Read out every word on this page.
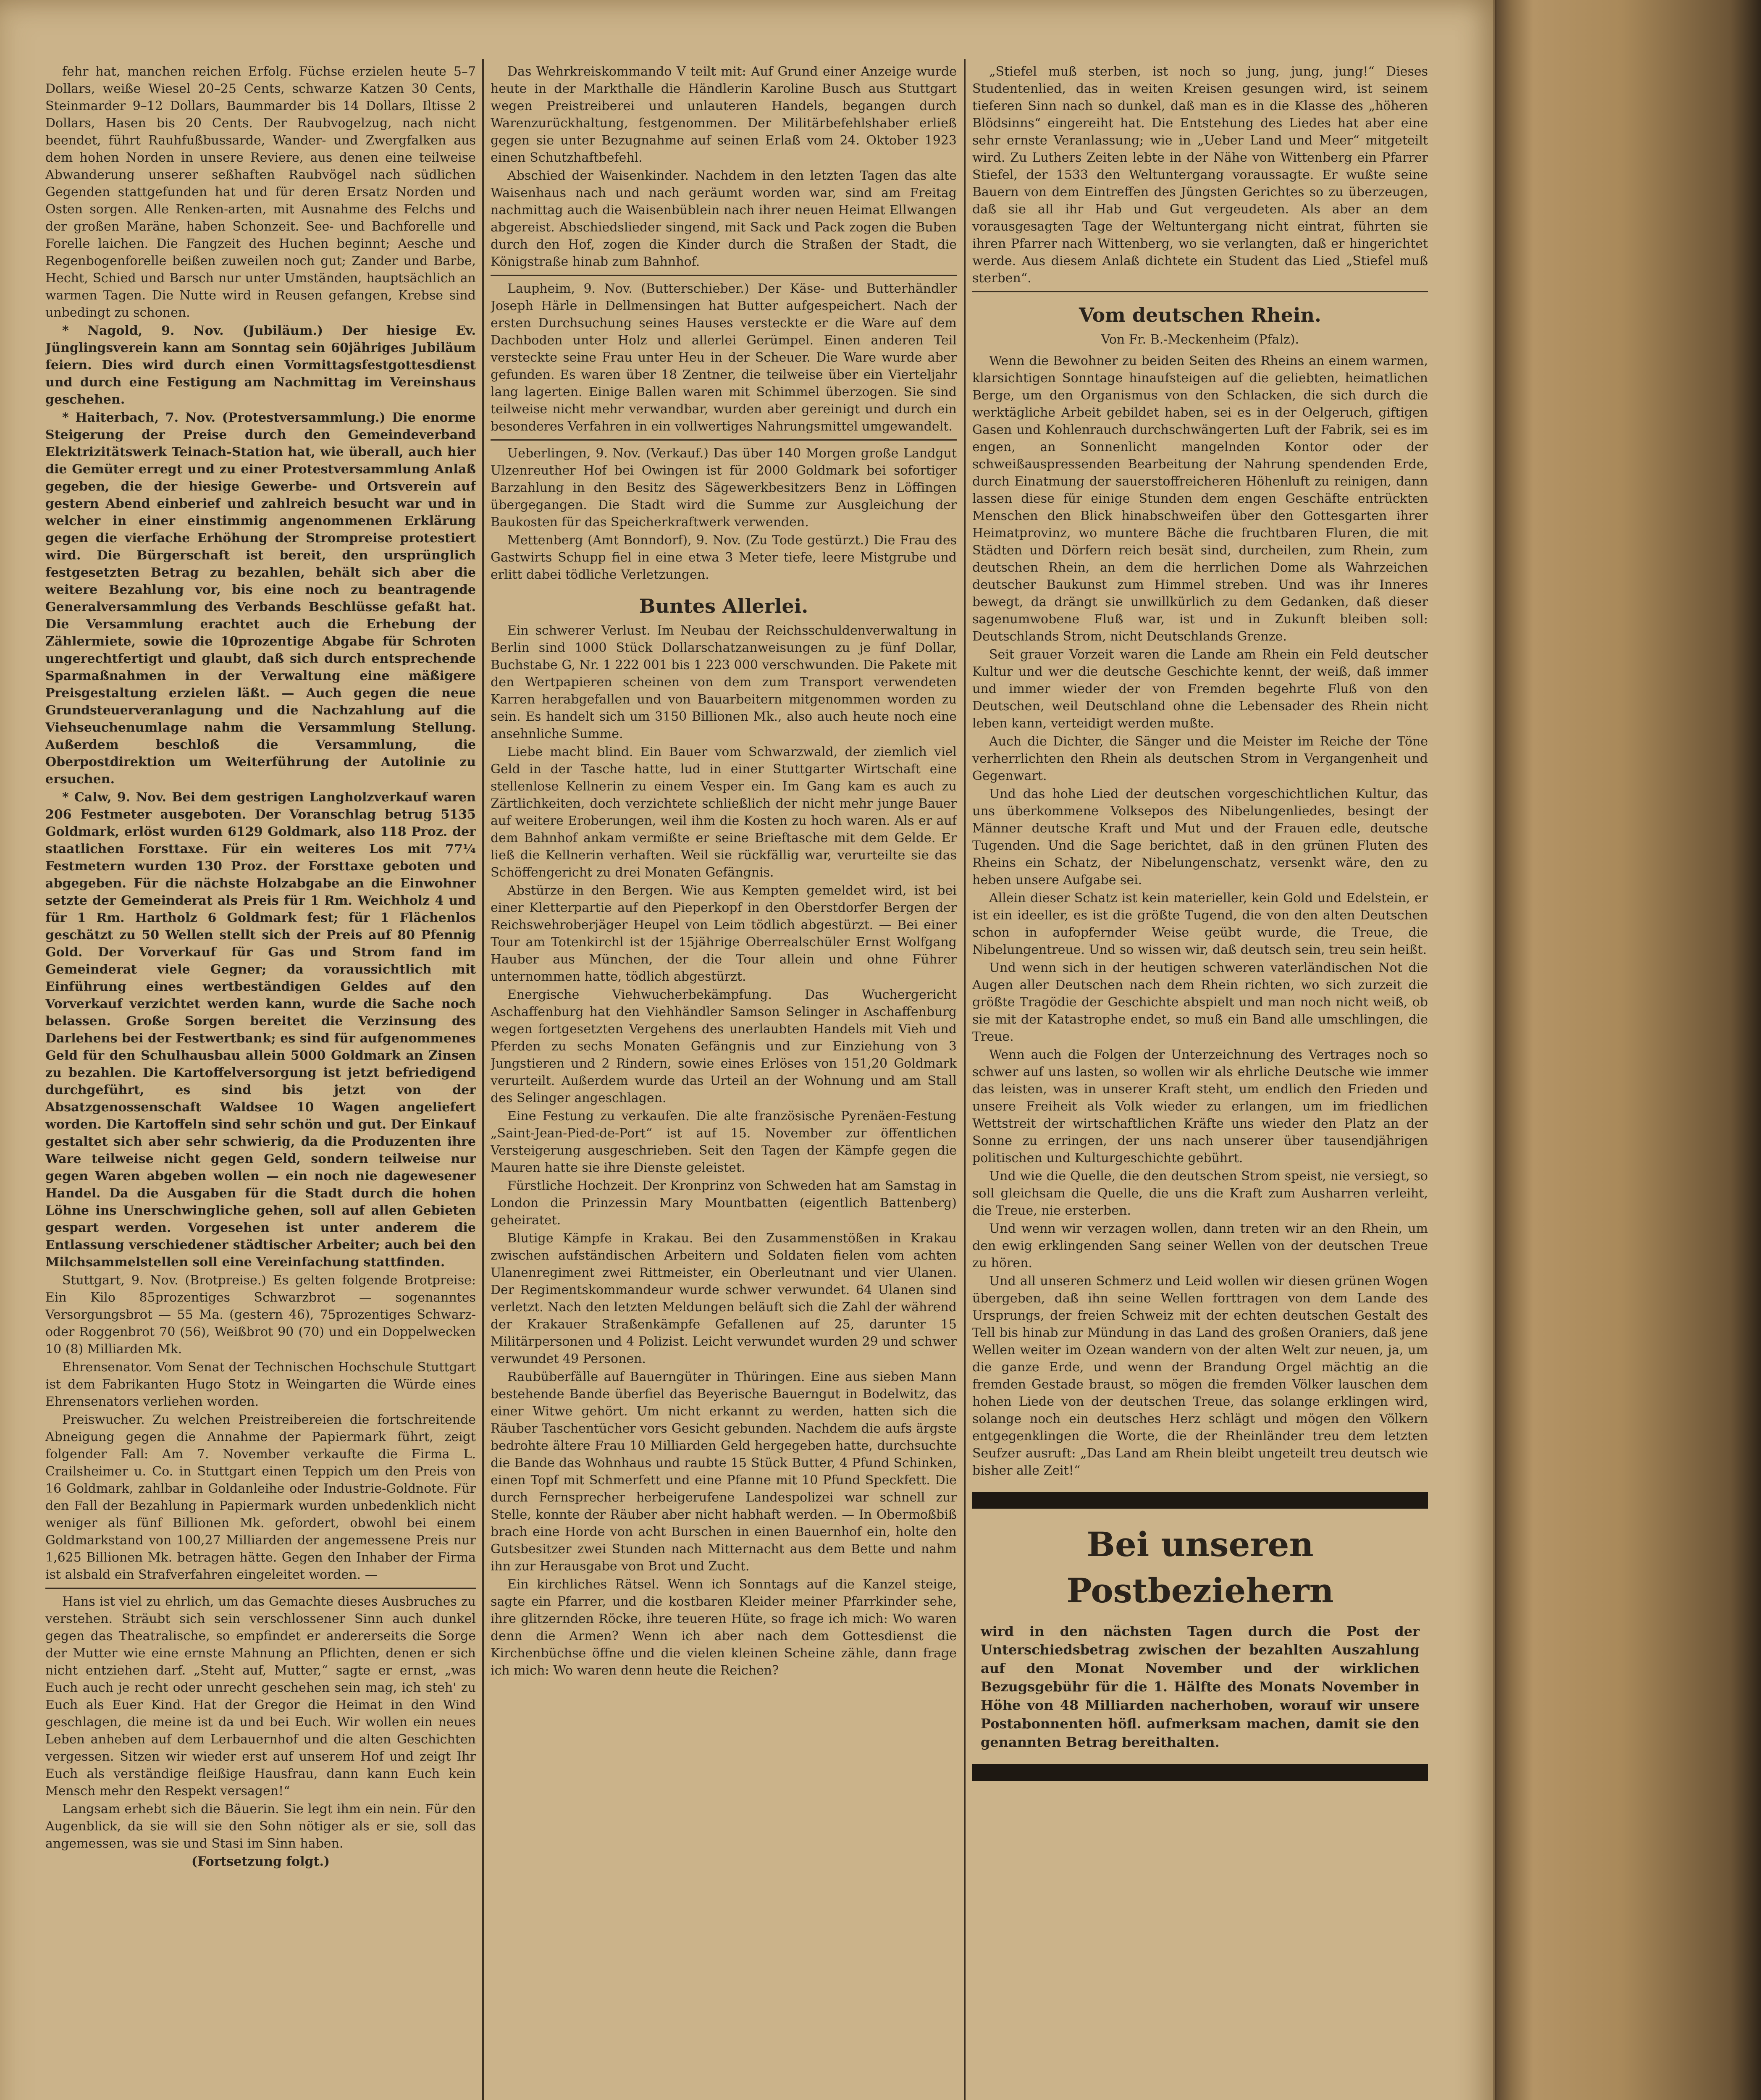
fehr hat, manchen reichen Erfolg. Füchse erzielen heute 5–7 Dollars, weiße Wiesel 20–25 Cents, schwarze Katzen 30 Cents, Steinmarder 9–12 Dollars, Baummarder bis 14 Dollars, Iltisse 2 Dollars, Hasen bis 20 Cents. Der Raubvogelzug, nach nicht beendet, führt Rauhfußbussarde, Wander- und Zwergfalken aus dem hohen Norden in unsere Reviere, aus denen eine teilweise Abwanderung unserer seßhaften Raubvögel nach südlichen Gegenden stattgefunden hat und für deren Ersatz Norden und Osten sorgen. Alle Renken-arten, mit Ausnahme des Felchs und der großen Maräne, haben Schonzeit. See- und Bachforelle und Forelle laichen. Die Fangzeit des Huchen beginnt; Aesche und Regenbogenforelle beißen zuweilen noch gut; Zander und Barbe, Hecht, Schied und Barsch nur unter Umständen, hauptsächlich an warmen Tagen. Die Nutte wird in Reusen gefangen, Krebse sind unbedingt zu schonen.

* Nagold, 9. Nov. (Jubiläum.) Der hiesige Ev. Jünglingsverein kann am Sonntag sein 60jähriges Jubiläum feiern. Dies wird durch einen Vormittagsfestgottesdienst und durch eine Festigung am Nachmittag im Vereinshaus geschehen.

* Haiterbach, 7. Nov. (Protestversammlung.) Die enorme Steigerung der Preise durch den Gemeindeverband Elektrizitätswerk Teinach-Station hat, wie überall, auch hier die Gemüter erregt und zu einer Protestversammlung Anlaß gegeben, die der hiesige Gewerbe- und Ortsverein auf gestern Abend einberief und zahlreich besucht war und in welcher in einer einstimmig angenommenen Erklärung gegen die vierfache Erhöhung der Strompreise protestiert wird. Die Bürgerschaft ist bereit, den ursprünglich festgesetzten Betrag zu bezahlen, behält sich aber die weitere Bezahlung vor, bis eine noch zu beantragende Generalversammlung des Verbands Beschlüsse gefaßt hat. Die Versammlung erachtet auch die Erhebung der Zählermiete, sowie die 10prozentige Abgabe für Schroten ungerechtfertigt und glaubt, daß sich durch entsprechende Sparmaßnahmen in der Verwaltung eine mäßigere Preisgestaltung erzielen läßt. — Auch gegen die neue Grundsteuerveranlagung und die Nachzahlung auf die Viehseuchenumlage nahm die Versammlung Stellung. Außerdem beschloß die Versammlung, die Oberpostdirektion um Weiterführung der Autolinie zu ersuchen.

* Calw, 9. Nov. Bei dem gestrigen Langholzverkauf waren 206 Festmeter ausgeboten. Der Voranschlag betrug 5135 Goldmark, erlöst wurden 6129 Goldmark, also 118 Proz. der staatlichen Forsttaxe. Für ein weiteres Los mit 77¼ Festmetern wurden 130 Proz. der Forsttaxe geboten und abgegeben. Für die nächste Holzabgabe an die Einwohner setzte der Gemeinderat als Preis für 1 Rm. Weichholz 4 und für 1 Rm. Hartholz 6 Goldmark fest; für 1 Flächenlos geschätzt zu 50 Wellen stellt sich der Preis auf 80 Pfennig Gold. Der Vorverkauf für Gas und Strom fand im Gemeinderat viele Gegner; da voraussichtlich mit Einführung eines wertbeständigen Geldes auf den Vorverkauf verzichtet werden kann, wurde die Sache noch belassen. Große Sorgen bereitet die Verzinsung des Darlehens bei der Festwertbank; es sind für aufgenommenes Geld für den Schulhausbau allein 5000 Goldmark an Zinsen zu bezahlen. Die Kartoffelversorgung ist jetzt befriedigend durchgeführt, es sind bis jetzt von der Absatzgenossenschaft Waldsee 10 Wagen angeliefert worden. Die Kartoffeln sind sehr schön und gut. Der Einkauf gestaltet sich aber sehr schwierig, da die Produzenten ihre Ware teilweise nicht gegen Geld, sondern teilweise nur gegen Waren abgeben wollen — ein noch nie dagewesener Handel. Da die Ausgaben für die Stadt durch die hohen Löhne ins Unerschwingliche gehen, soll auf allen Gebieten gespart werden. Vorgesehen ist unter anderem die Entlassung verschiedener städtischer Arbeiter; auch bei den Milchsammelstellen soll eine Vereinfachung stattfinden.

Stuttgart, 9. Nov. (Brotpreise.) Es gelten folgende Brotpreise: Ein Kilo 85prozentiges Schwarzbrot — sogenanntes Versorgungsbrot — 55 Ma. (gestern 46), 75prozentiges Schwarz- oder Roggenbrot 70 (56), Weißbrot 90 (70) und ein Doppelwecken 10 (8) Milliarden Mk.

Ehrensenator. Vom Senat der Technischen Hochschule Stuttgart ist dem Fabrikanten Hugo Stotz in Weingarten die Würde eines Ehrensenators verliehen worden.

Preiswucher. Zu welchen Preistreibereien die fortschreitende Abneigung gegen die Annahme der Papiermark führt, zeigt folgender Fall: Am 7. November verkaufte die Firma L. Crailsheimer u. Co. in Stuttgart einen Teppich um den Preis von 16 Goldmark, zahlbar in Goldanleihe oder Industrie-Goldnote. Für den Fall der Bezahlung in Papiermark wurden unbedenklich nicht weniger als fünf Billionen Mk. gefordert, obwohl bei einem Goldmarkstand von 100,27 Milliarden der angemessene Preis nur 1,625 Billionen Mk. betragen hätte. Gegen den Inhaber der Firma ist alsbald ein Strafverfahren eingeleitet worden. —

Hans ist viel zu ehrlich, um das Gemachte dieses Ausbruches zu verstehen. Sträubt sich sein verschlossener Sinn auch dunkel gegen das Theatralische, so empfindet er andererseits die Sorge der Mutter wie eine ernste Mahnung an Pflichten, denen er sich nicht entziehen darf. „Steht auf, Mutter,“ sagte er ernst, „was Euch auch je recht oder unrecht geschehen sein mag, ich steh' zu Euch als Euer Kind. Hat der Gregor die Heimat in den Wind geschlagen, die meine ist da und bei Euch. Wir wollen ein neues Leben anheben auf dem Lerbauernhof und die alten Geschichten vergessen. Sitzen wir wieder erst auf unserem Hof und zeigt Ihr Euch als verständige fleißige Hausfrau, dann kann Euch kein Mensch mehr den Respekt versagen!“

Langsam erhebt sich die Bäuerin. Sie legt ihm ein nein. Für den Augenblick, da sie will sie den Sohn nötiger als er sie, soll das angemessen, was sie und Stasi im Sinn haben.

(Fortsetzung folgt.)

Das Wehrkreiskommando V teilt mit: Auf Grund einer Anzeige wurde heute in der Markthalle die Händlerin Karoline Busch aus Stuttgart wegen Preistreiberei und unlauteren Handels, begangen durch Warenzurückhaltung, festgenommen. Der Militärbefehlshaber erließ gegen sie unter Bezugnahme auf seinen Erlaß vom 24. Oktober 1923 einen Schutzhaftbefehl.

Abschied der Waisenkinder. Nachdem in den letzten Tagen das alte Waisenhaus nach und nach geräumt worden war, sind am Freitag nachmittag auch die Waisenbüblein nach ihrer neuen Heimat Ellwangen abgereist. Abschiedslieder singend, mit Sack und Pack zogen die Buben durch den Hof, zogen die Kinder durch die Straßen der Stadt, die Königstraße hinab zum Bahnhof.

Laupheim, 9. Nov. (Butterschieber.) Der Käse- und Butterhändler Joseph Härle in Dellmensingen hat Butter aufgespeichert. Nach der ersten Durchsuchung seines Hauses versteckte er die Ware auf dem Dachboden unter Holz und allerlei Gerümpel. Einen anderen Teil versteckte seine Frau unter Heu in der Scheuer. Die Ware wurde aber gefunden. Es waren über 18 Zentner, die teilweise über ein Vierteljahr lang lagerten. Einige Ballen waren mit Schimmel überzogen. Sie sind teilweise nicht mehr verwandbar, wurden aber gereinigt und durch ein besonderes Verfahren in ein vollwertiges Nahrungsmittel umgewandelt.

Ueberlingen, 9. Nov. (Verkauf.) Das über 140 Morgen große Landgut Ulzenreuther Hof bei Owingen ist für 2000 Goldmark bei sofortiger Barzahlung in den Besitz des Sägewerkbesitzers Benz in Löffingen übergegangen. Die Stadt wird die Summe zur Ausgleichung der Baukosten für das Speicherkraftwerk verwenden.

Mettenberg (Amt Bonndorf), 9. Nov. (Zu Tode gestürzt.) Die Frau des Gastwirts Schupp fiel in eine etwa 3 Meter tiefe, leere Mistgrube und erlitt dabei tödliche Verletzungen.

Buntes Allerlei.

Ein schwerer Verlust. Im Neubau der Reichsschuldenverwaltung in Berlin sind 1000 Stück Dollarschatzanweisungen zu je fünf Dollar, Buchstabe G, Nr. 1 222 001 bis 1 223 000 verschwunden. Die Pakete mit den Wertpapieren scheinen von dem zum Transport verwendeten Karren herabgefallen und von Bauarbeitern mitgenommen worden zu sein. Es handelt sich um 3150 Billionen Mk., also auch heute noch eine ansehnliche Summe.

Liebe macht blind. Ein Bauer vom Schwarzwald, der ziemlich viel Geld in der Tasche hatte, lud in einer Stuttgarter Wirtschaft eine stellenlose Kellnerin zu einem Vesper ein. Im Gang kam es auch zu Zärtlichkeiten, doch verzichtete schließlich der nicht mehr junge Bauer auf weitere Eroberungen, weil ihm die Kosten zu hoch waren. Als er auf dem Bahnhof ankam vermißte er seine Brieftasche mit dem Gelde. Er ließ die Kellnerin verhaften. Weil sie rückfällig war, verurteilte sie das Schöffengericht zu drei Monaten Gefängnis.

Abstürze in den Bergen. Wie aus Kempten gemeldet wird, ist bei einer Kletterpartie auf den Pieperkopf in den Oberstdorfer Bergen der Reichswehroberjäger Heupel von Leim tödlich abgestürzt. — Bei einer Tour am Totenkirchl ist der 15jährige Oberrealschüler Ernst Wolfgang Hauber aus München, der die Tour allein und ohne Führer unternommen hatte, tödlich abgestürzt.

Energische Viehwucherbekämpfung. Das Wuchergericht Aschaffenburg hat den Viehhändler Samson Selinger in Aschaffenburg wegen fortgesetzten Vergehens des unerlaubten Handels mit Vieh und Pferden zu sechs Monaten Gefängnis und zur Einziehung von 3 Jungstieren und 2 Rindern, sowie eines Erlöses von 151,20 Goldmark verurteilt. Außerdem wurde das Urteil an der Wohnung und am Stall des Selinger angeschlagen.

Eine Festung zu verkaufen. Die alte französische Pyrenäen-Festung „Saint-Jean-Pied-de-Port“ ist auf 15. November zur öffentlichen Versteigerung ausgeschrieben. Seit den Tagen der Kämpfe gegen die Mauren hatte sie ihre Dienste geleistet.

Fürstliche Hochzeit. Der Kronprinz von Schweden hat am Samstag in London die Prinzessin Mary Mountbatten (eigentlich Battenberg) geheiratet.

Blutige Kämpfe in Krakau. Bei den Zusammenstößen in Krakau zwischen aufständischen Arbeitern und Soldaten fielen vom achten Ulanenregiment zwei Rittmeister, ein Oberleutnant und vier Ulanen. Der Regimentskommandeur wurde schwer verwundet. 64 Ulanen sind verletzt. Nach den letzten Meldungen beläuft sich die Zahl der während der Krakauer Straßenkämpfe Gefallenen auf 25, darunter 15 Militärpersonen und 4 Polizist. Leicht verwundet wurden 29 und schwer verwundet 49 Personen.

Raubüberfälle auf Bauerngüter in Thüringen. Eine aus sieben Mann bestehende Bande überfiel das Beyerische Bauerngut in Bodelwitz, das einer Witwe gehört. Um nicht erkannt zu werden, hatten sich die Räuber Taschentücher vors Gesicht gebunden. Nachdem die aufs ärgste bedrohte ältere Frau 10 Milliarden Geld hergegeben hatte, durchsuchte die Bande das Wohnhaus und raubte 15 Stück Butter, 4 Pfund Schinken, einen Topf mit Schmerfett und eine Pfanne mit 10 Pfund Speckfett. Die durch Fernsprecher herbeigerufene Landespolizei war schnell zur Stelle, konnte der Räuber aber nicht habhaft werden. — In Obermoßbiß brach eine Horde von acht Burschen in einen Bauernhof ein, holte den Gutsbesitzer zwei Stunden nach Mitternacht aus dem Bette und nahm ihn zur Herausgabe von Brot und Zucht.

Ein kirchliches Rätsel. Wenn ich Sonntags auf die Kanzel steige, sagte ein Pfarrer, und die kostbaren Kleider meiner Pfarrkinder sehe, ihre glitzernden Röcke, ihre teueren Hüte, so frage ich mich: Wo waren denn die Armen? Wenn ich aber nach dem Gottesdienst die Kirchenbüchse öffne und die vielen kleinen Scheine zähle, dann frage ich mich: Wo waren denn heute die Reichen?

„Stiefel muß sterben, ist noch so jung, jung, jung!“ Dieses Studentenlied, das in weiten Kreisen gesungen wird, ist seinem tieferen Sinn nach so dunkel, daß man es in die Klasse des „höheren Blödsinns“ eingereiht hat. Die Entstehung des Liedes hat aber eine sehr ernste Veranlassung; wie in „Ueber Land und Meer“ mitgeteilt wird. Zu Luthers Zeiten lebte in der Nähe von Wittenberg ein Pfarrer Stiefel, der 1533 den Weltuntergang voraussagte. Er wußte seine Bauern von dem Eintreffen des Jüngsten Gerichtes so zu überzeugen, daß sie all ihr Hab und Gut vergeudeten. Als aber an dem vorausgesagten Tage der Weltuntergang nicht eintrat, führten sie ihren Pfarrer nach Wittenberg, wo sie verlangten, daß er hingerichtet werde. Aus diesem Anlaß dichtete ein Student das Lied „Stiefel muß sterben“.

Vom deutschen Rhein.
Von Fr. B.-Meckenheim (Pfalz).

Wenn die Bewohner zu beiden Seiten des Rheins an einem warmen, klarsichtigen Sonntage hinaufsteigen auf die geliebten, heimatlichen Berge, um den Organismus von den Schlacken, die sich durch die werktägliche Arbeit gebildet haben, sei es in der Oelgeruch, giftigen Gasen und Kohlenrauch durchschwängerten Luft der Fabrik, sei es im engen, an Sonnenlicht mangelnden Kontor oder der schweißauspressenden Bearbeitung der Nahrung spendenden Erde, durch Einatmung der sauerstoffreicheren Höhenluft zu reinigen, dann lassen diese für einige Stunden dem engen Geschäfte entrückten Menschen den Blick hinabschweifen über den Gottesgarten ihrer Heimatprovinz, wo muntere Bäche die fruchtbaren Fluren, die mit Städten und Dörfern reich besät sind, durcheilen, zum Rhein, zum deutschen Rhein, an dem die herrlichen Dome als Wahrzeichen deutscher Baukunst zum Himmel streben. Und was ihr Inneres bewegt, da drängt sie unwillkürlich zu dem Gedanken, daß dieser sagenumwobene Fluß war, ist und in Zukunft bleiben soll: Deutschlands Strom, nicht Deutschlands Grenze.

Seit grauer Vorzeit waren die Lande am Rhein ein Feld deutscher Kultur und wer die deutsche Geschichte kennt, der weiß, daß immer und immer wieder der von Fremden begehrte Fluß von den Deutschen, weil Deutschland ohne die Lebensader des Rhein nicht leben kann, verteidigt werden mußte.

Auch die Dichter, die Sänger und die Meister im Reiche der Töne verherrlichten den Rhein als deutschen Strom in Vergangenheit und Gegenwart.

Und das hohe Lied der deutschen vorgeschichtlichen Kultur, das uns überkommene Volksepos des Nibelungenliedes, besingt der Männer deutsche Kraft und Mut und der Frauen edle, deutsche Tugenden. Und die Sage berichtet, daß in den grünen Fluten des Rheins ein Schatz, der Nibelungenschatz, versenkt wäre, den zu heben unsere Aufgabe sei.

Allein dieser Schatz ist kein materieller, kein Gold und Edelstein, er ist ein ideeller, es ist die größte Tugend, die von den alten Deutschen schon in aufopfernder Weise geübt wurde, die Treue, die Nibelungentreue. Und so wissen wir, daß deutsch sein, treu sein heißt.

Und wenn sich in der heutigen schweren vaterländischen Not die Augen aller Deutschen nach dem Rhein richten, wo sich zurzeit die größte Tragödie der Geschichte abspielt und man noch nicht weiß, ob sie mit der Katastrophe endet, so muß ein Band alle umschlingen, die Treue.

Wenn auch die Folgen der Unterzeichnung des Vertrages noch so schwer auf uns lasten, so wollen wir als ehrliche Deutsche wie immer das leisten, was in unserer Kraft steht, um endlich den Frieden und unsere Freiheit als Volk wieder zu erlangen, um im friedlichen Wettstreit der wirtschaftlichen Kräfte uns wieder den Platz an der Sonne zu erringen, der uns nach unserer über tausendjährigen politischen und Kulturgeschichte gebührt.

Und wie die Quelle, die den deutschen Strom speist, nie versiegt, so soll gleichsam die Quelle, die uns die Kraft zum Ausharren verleiht, die Treue, nie ersterben.

Und wenn wir verzagen wollen, dann treten wir an den Rhein, um den ewig erklingenden Sang seiner Wellen von der deutschen Treue zu hören.

Und all unseren Schmerz und Leid wollen wir diesen grünen Wogen übergeben, daß ihn seine Wellen forttragen von dem Lande des Ursprungs, der freien Schweiz mit der echten deutschen Gestalt des Tell bis hinab zur Mündung in das Land des großen Oraniers, daß jene Wellen weiter im Ozean wandern von der alten Welt zur neuen, ja, um die ganze Erde, und wenn der Brandung Orgel mächtig an die fremden Gestade braust, so mögen die fremden Völker lauschen dem hohen Liede von der deutschen Treue, das solange erklingen wird, solange noch ein deutsches Herz schlägt und mögen den Völkern entgegenklingen die Worte, die der Rheinländer treu dem letzten Seufzer ausruft: „Das Land am Rhein bleibt ungeteilt treu deutsch wie bisher alle Zeit!“

Bei unseren Postbeziehern
wird in den nächsten Tagen durch die Post der Unterschiedsbetrag zwischen der bezahlten Auszahlung auf den Monat November und der wirklichen Bezugsgebühr für die 1. Hälfte des Monats November in Höhe von 48 Milliarden nacherhoben, worauf wir unsere Postabonnenten höfl. aufmerksam machen, damit sie den genannten Betrag bereithalten.
